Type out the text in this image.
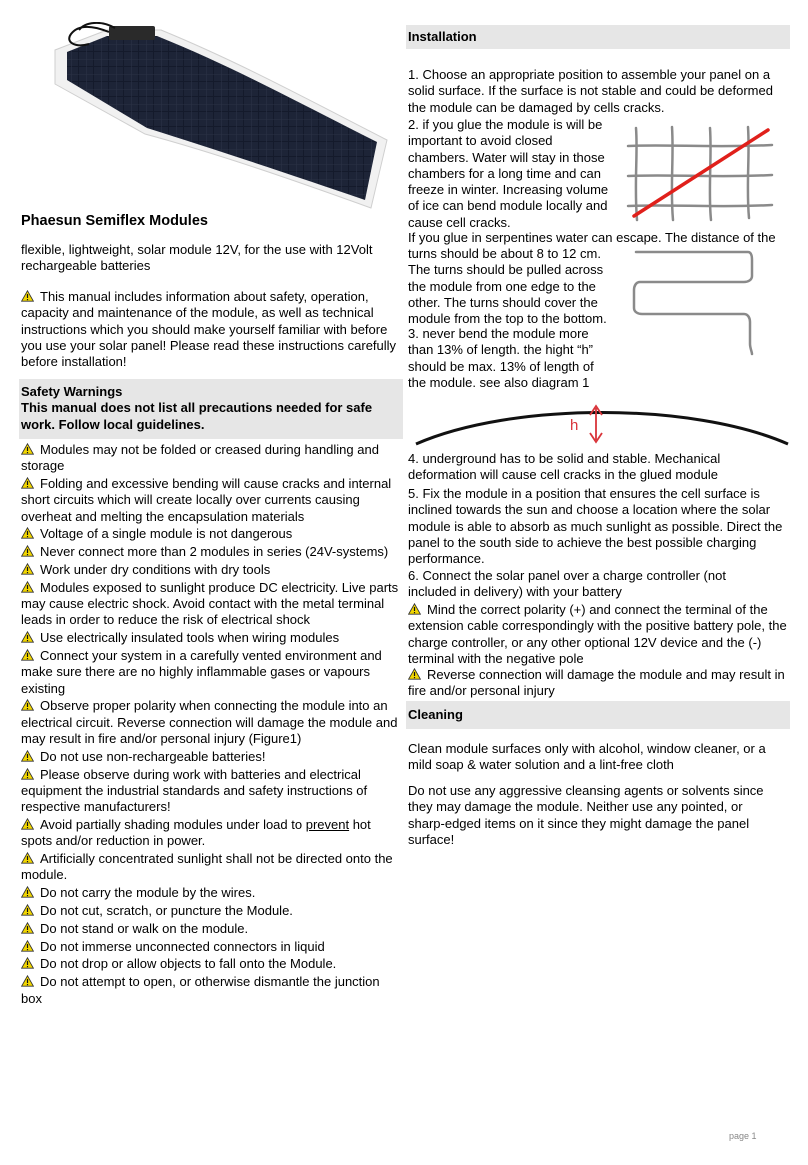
Phaesun Semiflex Modules

flexible, lightweight, solar module 12V, for the use with 12Volt rechargeable batteries

This manual includes information about safety, operation, capacity and maintenance of the module, as well as technical instructions which you should make yourself familiar with before you use your solar panel! Please read these instructions carefully before installation!

Safety Warnings

This manual does not list all precautions needed for safe work. Follow local guidelines.

Modules may not be folded or creased during handling and storage

Folding and excessive bending will cause cracks and internal short circuits which will create locally over currents causing overheat and melting the encapsulation materials

Voltage of a single module is not dangerous

Never connect more than 2 modules in series (24V-systems)

Work under dry conditions with dry tools

Modules exposed to sunlight produce DC electricity. Live parts may cause electric shock. Avoid contact with the metal terminal leads in order to reduce the risk of electrical shock

Use electrically insulated tools when wiring modules

Connect your system in a carefully vented environment and make sure there are no highly inflammable gases or vapours existing

Observe proper polarity when connecting the module into an electrical circuit. Reverse connection will damage the module and may result in fire and/or personal injury (Figure1)

Do not use non-rechargeable batteries!

Please observe during work with batteries and electrical equipment the industrial standards and safety instructions of respective manufacturers!

Avoid partially shading modules under load to prevent hot spots and/or reduction in power.

Artificially concentrated sunlight shall not be directed onto the module.

Do not carry the module by the wires.

Do not cut, scratch, or puncture the Module.

Do not stand or walk on the module.

Do not immerse unconnected connectors in liquid

Do not drop or allow objects to fall onto the Module.

Do not attempt to open, or otherwise dismantle the junction box

Installation

1. Choose an appropriate position to assemble your panel on a solid surface. If the surface is not stable and could be deformed the module can be damaged by cells cracks.

2. if you glue the module is will be important to avoid closed chambers. Water will stay in those chambers for a long time and can freeze in winter. Increasing volume of ice can bend module locally and cause cell cracks.

If you glue in serpentines water can escape. The distance of the

turns should be about 8 to 12 cm. The turns should be pulled across the module from one edge to the other. The turns should cover the module from the top to the bottom.

3. never bend the module more than 13% of length. the hight “h” should be max. 13% of length of the module. see also diagram 1

h

4. underground has to be solid and stable. Mechanical deformation will cause cell cracks in the glued module

5. Fix the module in a position that ensures the cell surface is inclined towards the sun and choose a location where the solar module is able to absorb as much sunlight as possible. Direct the panel to the south side to achieve the best possible charging performance.

6. Connect the solar panel over a charge controller (not included in delivery) with your battery

Mind the correct polarity (+) and connect the terminal of the extension cable correspondingly with the positive battery pole, the charge controller, or any other optional 12V device and the (-) terminal with the negative pole

Reverse connection will damage the module and may result in fire and/or personal injury

Cleaning

Clean module surfaces only with alcohol, window cleaner, or a mild soap & water solution and a lint-free cloth

Do not use any aggressive cleansing agents or solvents since they may damage the module. Neither use any pointed, or sharp-edged items on it since they might damage the panel surface!

page 1
